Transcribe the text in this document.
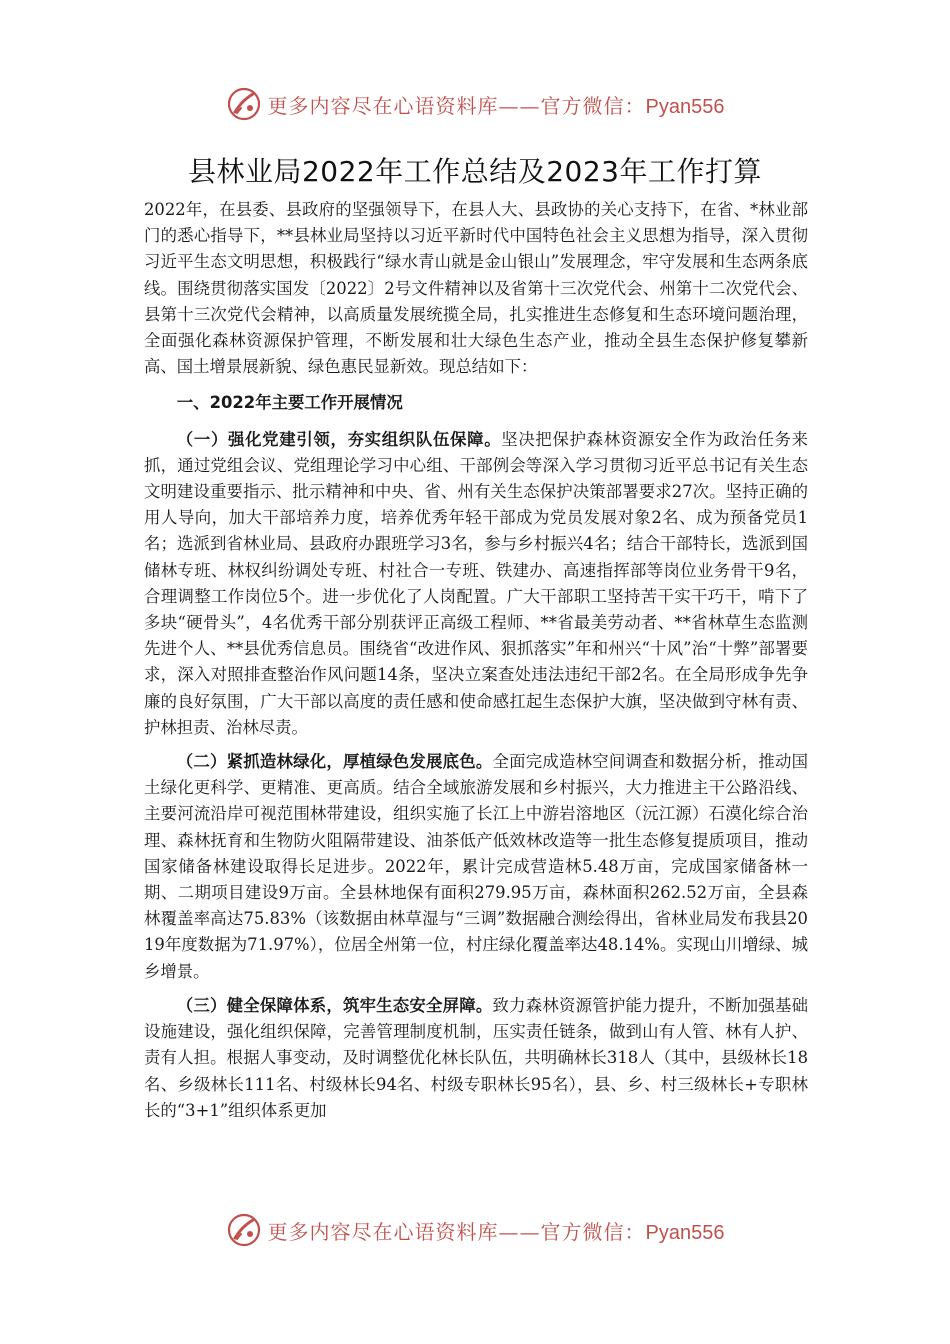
更多内容尽在心语资料库——官方微信：Pyan556
县林业局2022年工作总结及2023年工作打算

2022年，在县委、县政府的坚强领导下，在县人大、县政协的关心支持下，在省、*林业部门的悉心指导下，**县林业局坚持以习近平新时代中国特色社会主义思想为指导，深入贯彻习近平生态文明思想，积极践行“绿水青山就是金山银山”发展理念，牢守发展和生态两条底线。围绕贯彻落实国发〔2022〕2号文件精神以及省第十三次党代会、州第十二次党代会、县第十三次党代会精神，以高质量发展统揽全局，扎实推进生态修复和生态环境问题治理，全面强化森林资源保护管理，不断发展和壮大绿色生态产业，推动全县生态保护修复攀新高、国土增景展新貌、绿色惠民显新效。现总结如下：

一、2022年主要工作开展情况

（一）强化党建引领，夯实组织队伍保障。坚决把保护森林资源安全作为政治任务来抓，通过党组会议、党组理论学习中心组、干部例会等深入学习贯彻习近平总书记有关生态文明建设重要指示、批示精神和中央、省、州有关生态保护决策部署要求27次。坚持正确的用人导向，加大干部培养力度，培养优秀年轻干部成为党员发展对象2名、成为预备党员1名；选派到省林业局、县政府办跟班学习3名，参与乡村振兴4名；结合干部特长，选派到国储林专班、林权纠纷调处专班、村社合一专班、铁建办、高速指挥部等岗位业务骨干9名，合理调整工作岗位5个。进一步优化了人岗配置。广大干部职工坚持苦干实干巧干，啃下了多块“硬骨头”，4名优秀干部分别获评正高级工程师、**省最美劳动者、**省林草生态监测先进个人、**县优秀信息员。围绕省“改进作风、狠抓落实”年和州兴“十风”治“十弊”部署要求，深入对照排查整治作风问题14条，坚决立案查处违法违纪干部2名。在全局形成争先争廉的良好氛围，广大干部以高度的责任感和使命感扛起生态保护大旗，坚决做到守林有责、护林担责、治林尽责。

（二）紧抓造林绿化，厚植绿色发展底色。全面完成造林空间调查和数据分析，推动国土绿化更科学、更精准、更高质。结合全域旅游发展和乡村振兴，大力推进主干公路沿线、主要河流沿岸可视范围林带建设，组织实施了长江上中游岩溶地区（沅江源）石漠化综合治理、森林抚育和生物防火阻隔带建设、油茶低产低效林改造等一批生态修复提质项目，推动国家储备林建设取得长足进步。2022年，累计完成营造林5.48万亩，完成国家储备林一期、二期项目建设9万亩。全县林地保有面积279.95万亩，森林面积262.52万亩，全县森林覆盖率高达75.83%（该数据由林草湿与“三调”数据融合测绘得出，省林业局发布我县2019年度数据为71.97%），位居全州第一位，村庄绿化覆盖率达48.14%。实现山川增绿、城乡增景。

（三）健全保障体系，筑牢生态安全屏障。致力森林资源管护能力提升，不断加强基础设施建设，强化组织保障，完善管理制度机制，压实责任链条，做到山有人管、林有人护、责有人担。根据人事变动，及时调整优化林长队伍，共明确林长318人（其中，县级林长18名、乡级林长111名、村级林长94名、村级专职林长95名），县、乡、村三级林长+专职林长的“3+1”组织体系更加

更多内容尽在心语资料库——官方微信：Pyan556
